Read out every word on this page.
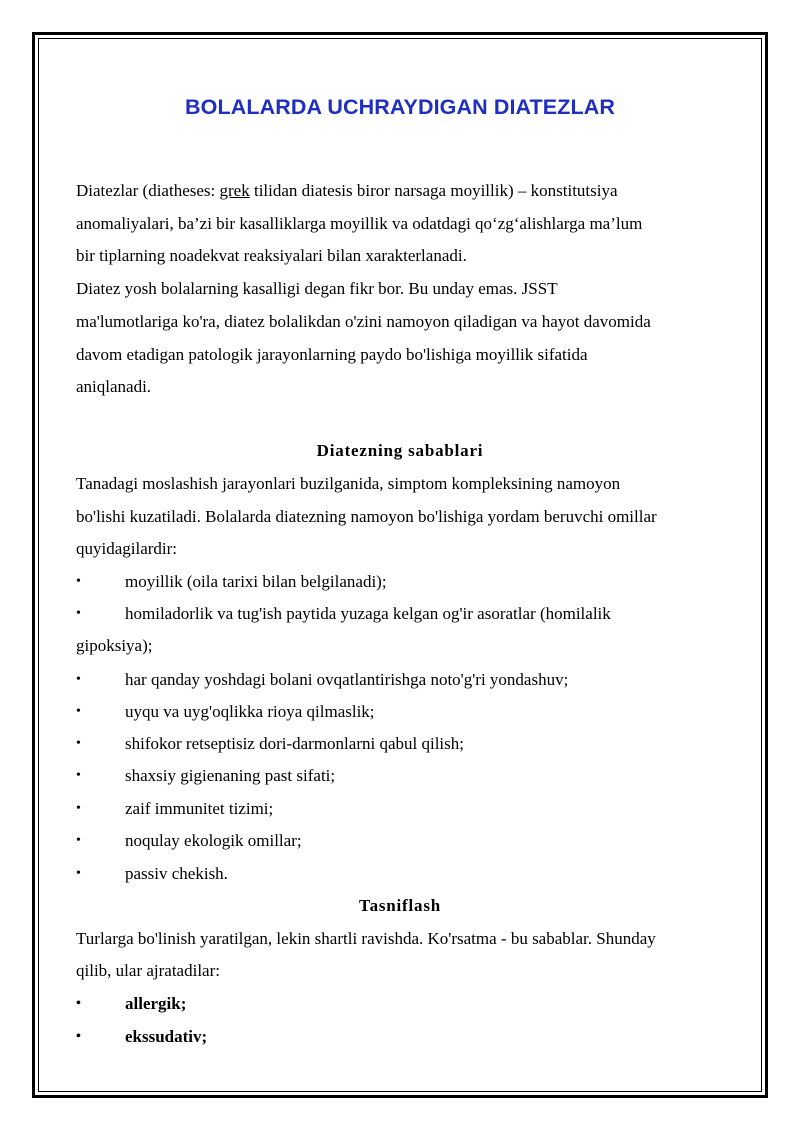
BOLALARDA UCHRAYDIGAN DIATEZLAR
Diatezlar (diatheses: grek tilidan diatesis biror narsaga moyillik) – konstitutsiya
anomaliyalari, ba’zi bir kasalliklarga moyillik va odatdagi qo‘zg‘alishlarga ma’lum
bir tiplarning noadekvat reaksiyalari bilan xarakterlanadi.
Diatez yosh bolalarning kasalligi degan fikr bor. Bu unday emas. JSST
ma'lumotlariga ko'ra, diatez bolalikdan o'zini namoyon qiladigan va hayot davomida
davom etadigan patologik jarayonlarning paydo bo'lishiga moyillik sifatida
aniqlanadi.
Diatezning sabablari
Tanadagi moslashish jarayonlari buzilganida, simptom kompleksining namoyon
bo'lishi kuzatiladi. Bolalarda diatezning namoyon bo'lishiga yordam beruvchi omillar
quyidagilardir:
•	moyillik (oila tarixi bilan belgilanadi);
•	homiladorlik va tug'ish paytida yuzaga kelgan og'ir asoratlar (homilalik
gipoksiya);
•	har qanday yoshdagi bolani ovqatlantirishga noto'g'ri yondashuv;
•	uyqu va uyg'oqlikka rioya qilmaslik;
•	shifokor retseptisiz dori-darmonlarni qabul qilish;
•	shaxsiy gigienaning past sifati;
•	zaif immunitet tizimi;
•	noqulay ekologik omillar;
•	passiv chekish.
Tasniflash
Turlarga bo'linish yaratilgan, lekin shartli ravishda. Ko'rsatma - bu sabablar. Shunday
qilib, ular ajratadilar:
•	allergik;
•	ekssudativ;
